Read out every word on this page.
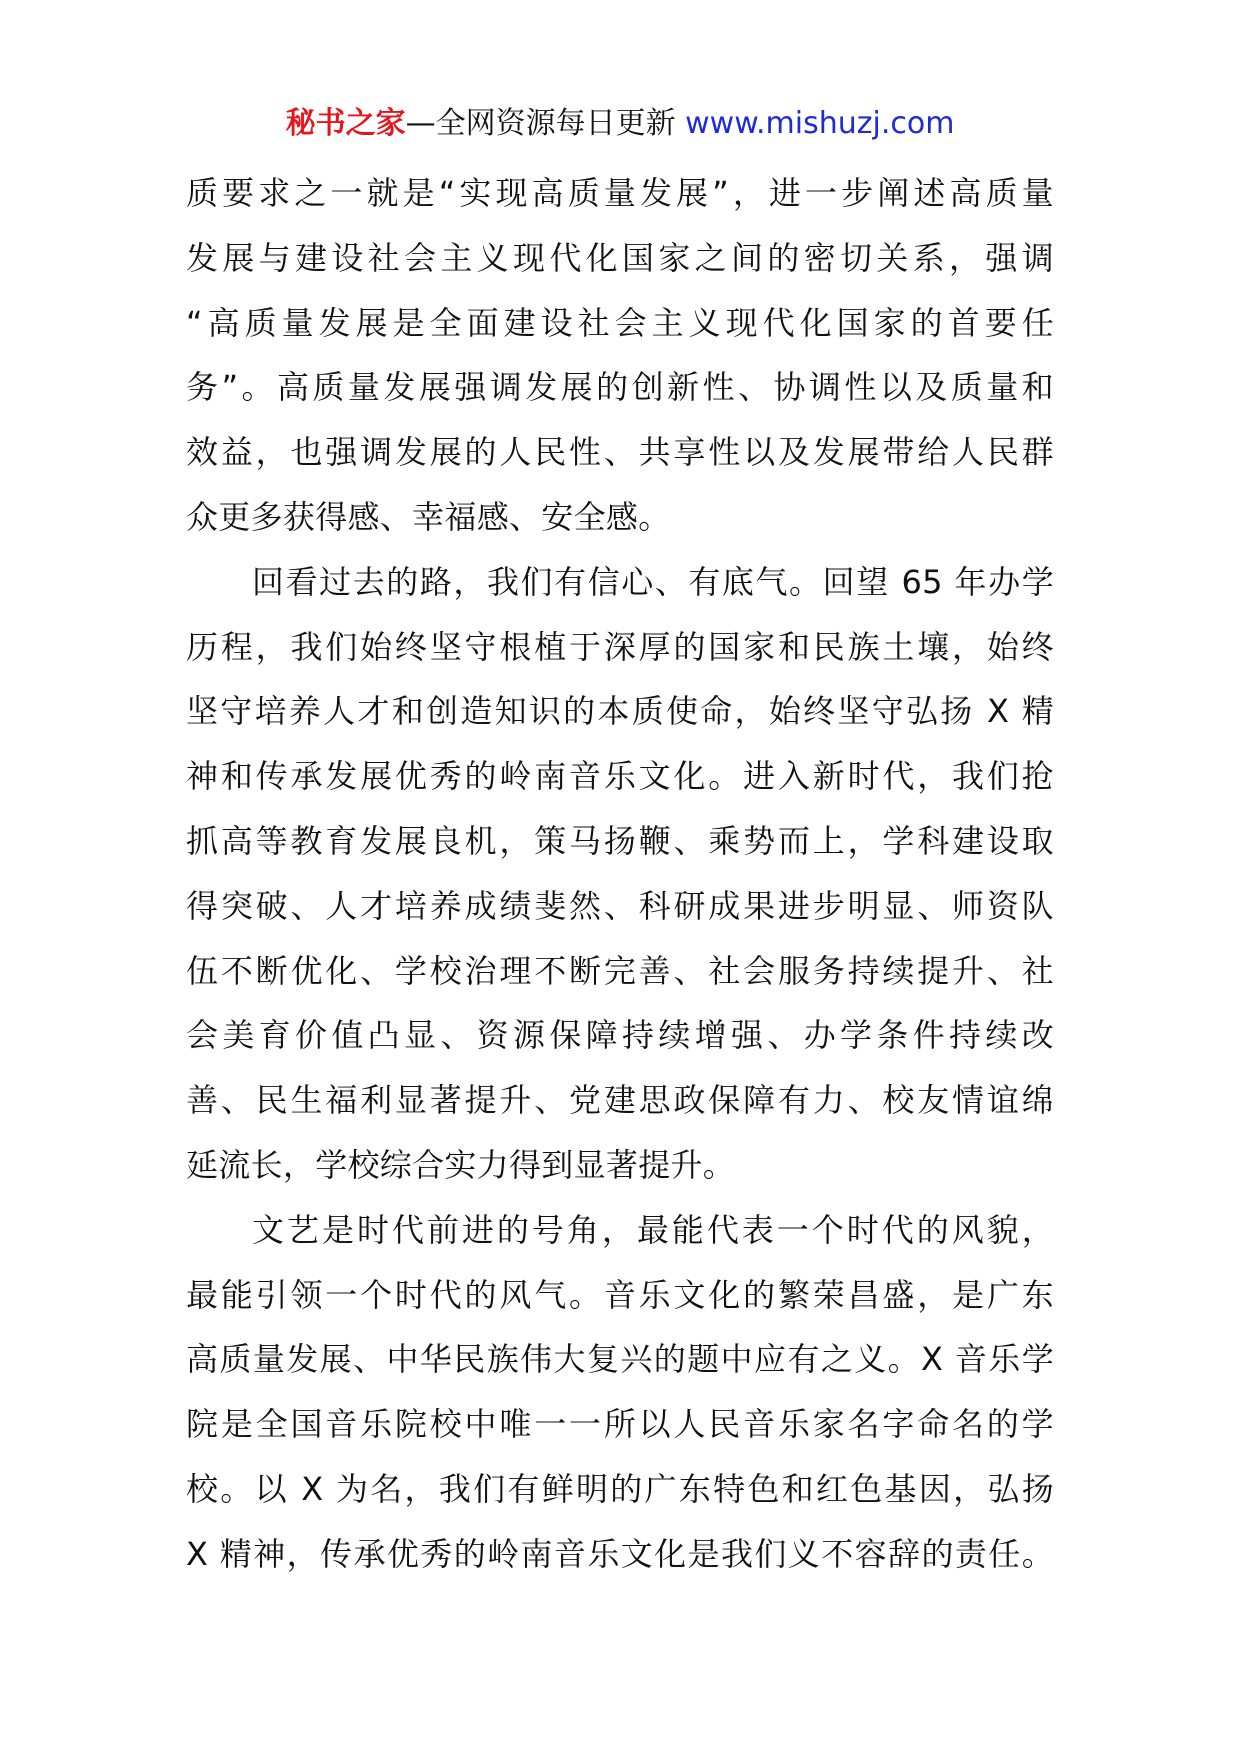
秘书之家—全网资源每日更新 www.mishuzj.com
质要求之一就是“实现高质量发展”，进一步阐述高质量
发展与建设社会主义现代化国家之间的密切关系，强调
“高质量发展是全面建设社会主义现代化国家的首要任
务”。高质量发展强调发展的创新性、协调性以及质量和
效益，也强调发展的人民性、共享性以及发展带给人民群
众更多获得感、幸福感、安全感。
回看过去的路，我们有信心、有底气。回望 65 年办学
历程，我们始终坚守根植于深厚的国家和民族土壤，始终
坚守培养人才和创造知识的本质使命，始终坚守弘扬 X 精
神和传承发展优秀的岭南音乐文化。进入新时代，我们抢
抓高等教育发展良机，策马扬鞭、乘势而上，学科建设取
得突破、人才培养成绩斐然、科研成果进步明显、师资队
伍不断优化、学校治理不断完善、社会服务持续提升、社
会美育价值凸显、资源保障持续增强、办学条件持续改
善、民生福利显著提升、党建思政保障有力、校友情谊绵
延流长，学校综合实力得到显著提升。
文艺是时代前进的号角，最能代表一个时代的风貌，
最能引领一个时代的风气。音乐文化的繁荣昌盛，是广东
高质量发展、中华民族伟大复兴的题中应有之义。X 音乐学
院是全国音乐院校中唯一一所以人民音乐家名字命名的学
校。以 X 为名，我们有鲜明的广东特色和红色基因，弘扬
X 精神，传承优秀的岭南音乐文化是我们义不容辞的责任。
